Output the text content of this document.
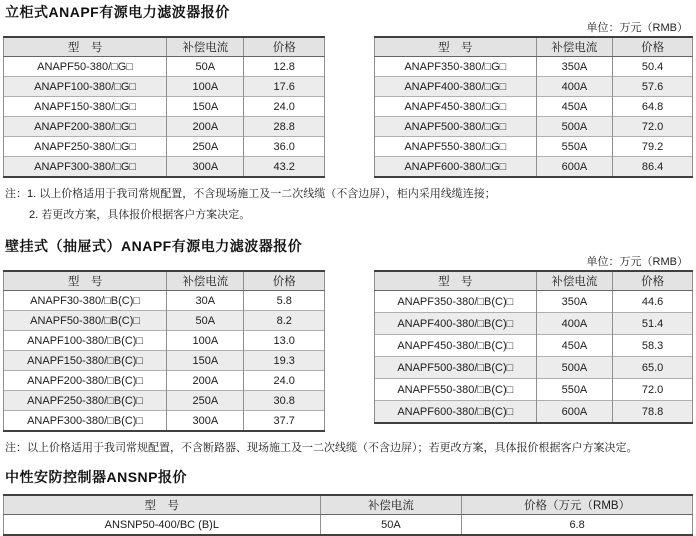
立柜式ANAPF有源电力滤波器报价
单位：万元（RMB）
型　号	补偿电流	价格
ANAPF50-380/□G□	50A	12.8
ANAPF100-380/□G□	100A	17.6
ANAPF150-380/□G□	150A	24.0
ANAPF200-380/□G□	200A	28.8
ANAPF250-380/□G□	250A	36.0
ANAPF300-380/□G□	300A	43.2
型　号	补偿电流	价格
ANAPF350-380/□G□	350A	50.4
ANAPF400-380/□G□	400A	57.6
ANAPF450-380/□G□	450A	64.8
ANAPF500-380/□G□	500A	72.0
ANAPF550-380/□G□	550A	79.2
ANAPF600-380/□G□	600A	86.4
注：1. 以上价格适用于我司常规配置，不含现场施工及一二次线缆（不含边屏），柜内采用线缆连接；
2. 若更改方案，具体报价根据客户方案决定。
壁挂式（抽屉式）ANAPF有源电力滤波器报价
单位：万元（RMB）
型　号	补偿电流	价格
ANAPF30-380/□B(C)□	30A	5.8
ANAPF50-380/□B(C)□	50A	8.2
ANAPF100-380/□B(C)□	100A	13.0
ANAPF150-380/□B(C)□	150A	19.3
ANAPF200-380/□B(C)□	200A	24.0
ANAPF250-380/□B(C)□	250A	30.8
ANAPF300-380/□B(C)□	300A	37.7
型　号	补偿电流	价格
ANAPF350-380/□B(C)□	350A	44.6
ANAPF400-380/□B(C)□	400A	51.4
ANAPF450-380/□B(C)□	450A	58.3
ANAPF500-380/□B(C)□	500A	65.0
ANAPF550-380/□B(C)□	550A	72.0
ANAPF600-380/□B(C)□	600A	78.8
注：以上价格适用于我司常规配置，不含断路器、现场施工及一二次线缆（不含边屏）；若更改方案，具体报价根据客户方案决定。
中性安防控制器ANSNP报价
型　号	补偿电流	价格（万元（RMB）
ANSNP50-400/BC (B)L	50A	6.8
